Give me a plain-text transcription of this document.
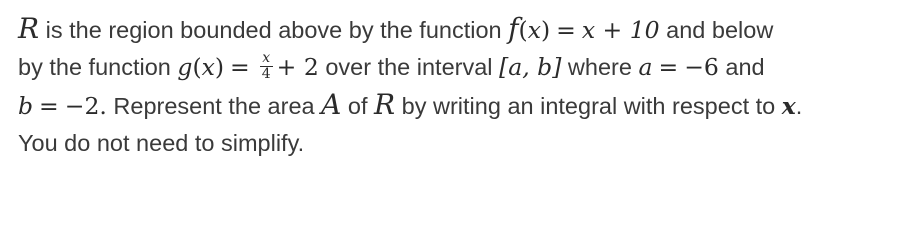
R is the region bounded above by the function f(x) = x + 10 and below
by the function $g(x) = \frac{x}{4} + 2$ over the interval [a, b] where a = −6 and
b = −2. Represent the area A of R by writing an integral with respect to x.
You do not need to simplify.
